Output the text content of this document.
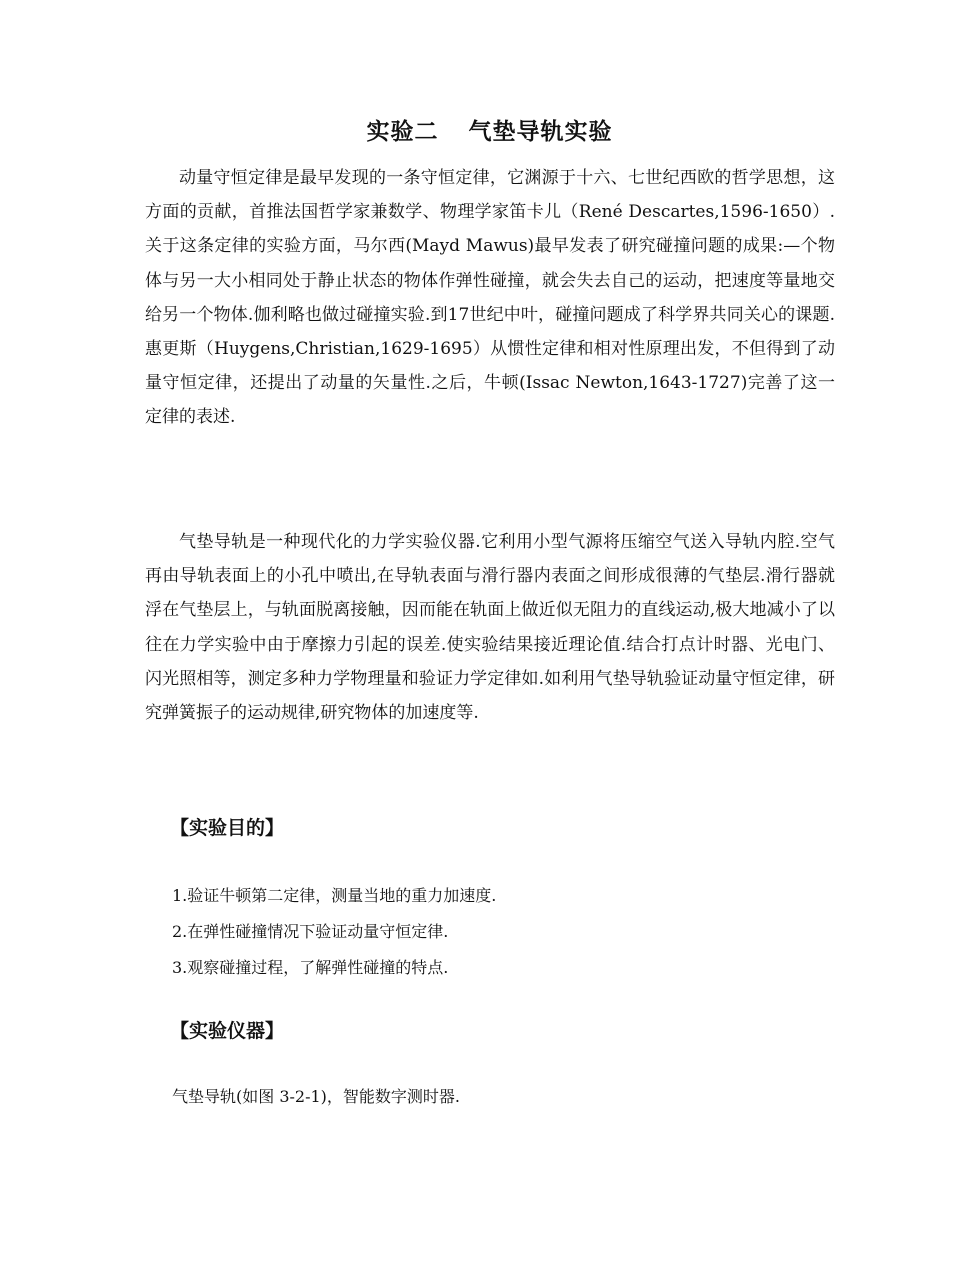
实验二 气垫导轨实验

动量守恒定律是最早发现的一条守恒定律，它渊源于十六、七世纪西欧的哲学思想，这方面的贡献，首推法国哲学家兼数学、物理学家笛卡儿（René Descartes,1596-1650）.关于这条定律的实验方面，马尔西(Mayd Mawus)最早发表了研究碰撞问题的成果:—个物体与另一大小相同处于静止状态的物体作弹性碰撞，就会失去自己的运动，把速度等量地交给另一个物体.伽利略也做过碰撞实验.到17世纪中叶，碰撞问题成了科学界共同关心的课题.惠更斯（Huygens,Christian,1629-1695）从惯性定律和相对性原理出发，不但得到了动量守恒定律，还提出了动量的矢量性.之后，牛顿(Issac Newton,1643-1727)完善了这一定律的表述.

气垫导轨是一种现代化的力学实验仪器.它利用小型气源将压缩空气送入导轨内腔.空气再由导轨表面上的小孔中喷出,在导轨表面与滑行器内表面之间形成很薄的气垫层.滑行器就浮在气垫层上，与轨面脱离接触，因而能在轨面上做近似无阻力的直线运动,极大地减小了以往在力学实验中由于摩擦力引起的误差.使实验结果接近理论值.结合打点计时器、光电门、闪光照相等，测定多种力学物理量和验证力学定律如.如利用气垫导轨验证动量守恒定律，研究弹簧振子的运动规律,研究物体的加速度等.

【实验目的】
1.验证牛顿第二定律，测量当地的重力加速度.
2.在弹性碰撞情况下验证动量守恒定律.
3.观察碰撞过程，了解弹性碰撞的特点.
【实验仪器】

气垫导轨(如图 3-2-1)，智能数字测时器.
